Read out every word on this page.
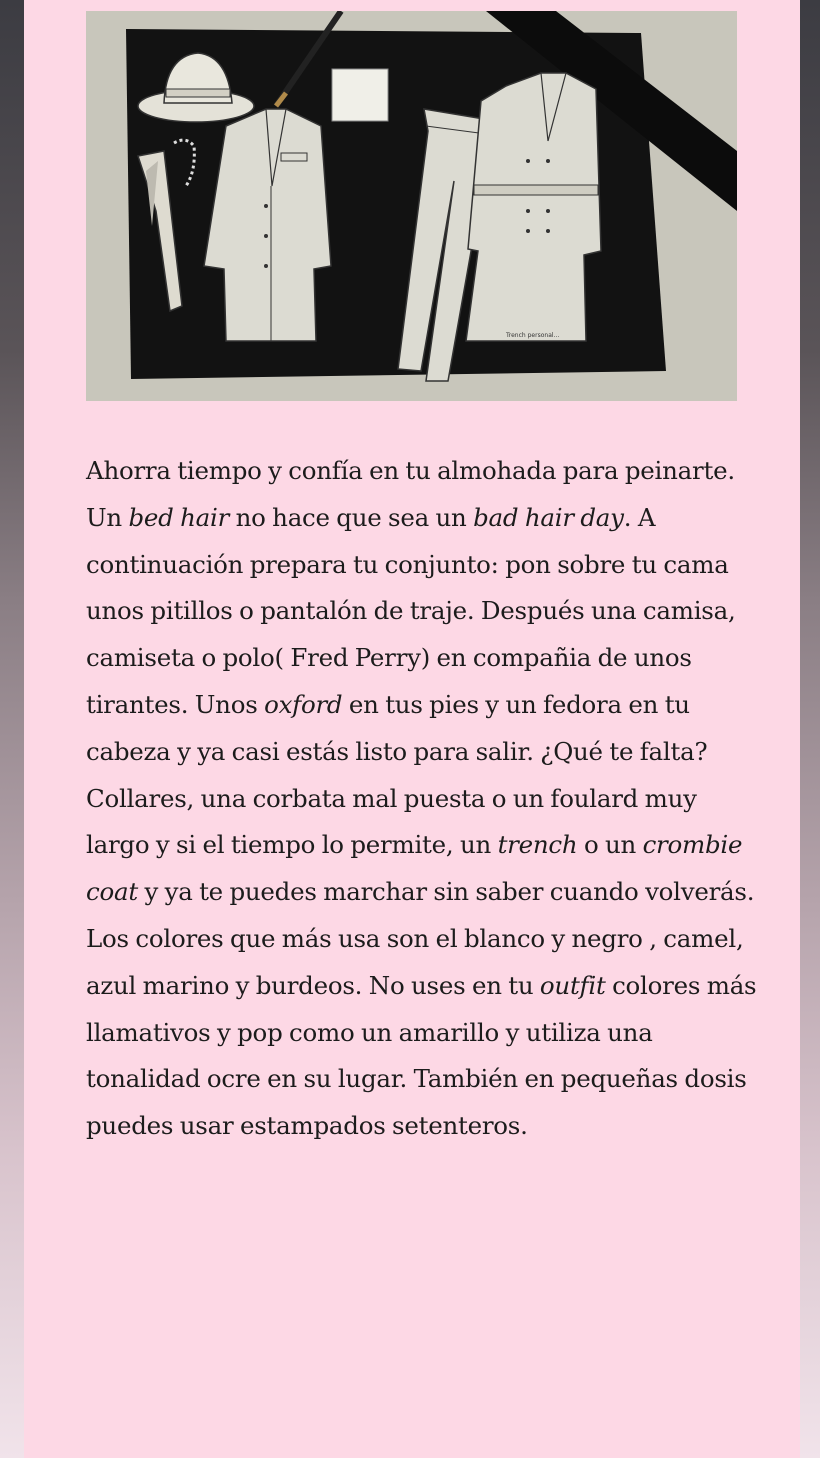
Trench personal...

Ahorra tiempo y confía en tu almohada para peinarte. Un bed hair no hace que sea un bad hair day. A continuación prepara tu conjunto: pon sobre tu cama unos pitillos o pantalón de traje. Después una camisa, camiseta o polo( Fred Perry) en compañia de unos tirantes. Unos oxford en tus pies y un fedora en tu cabeza y ya casi estás listo para salir. ¿Qué te falta? Collares, una corbata mal puesta o un foulard muy largo y si el tiempo lo permite, un trench o un crombie coat y ya te puedes marchar sin saber cuando volverás.
Los colores que más usa son el blanco y negro , camel, azul marino y burdeos. No uses en tu outfit colores más llamativos y pop como un amarillo y utiliza una tonalidad ocre en su lugar. También en pequeñas dosis puedes usar estampados setenteros.
